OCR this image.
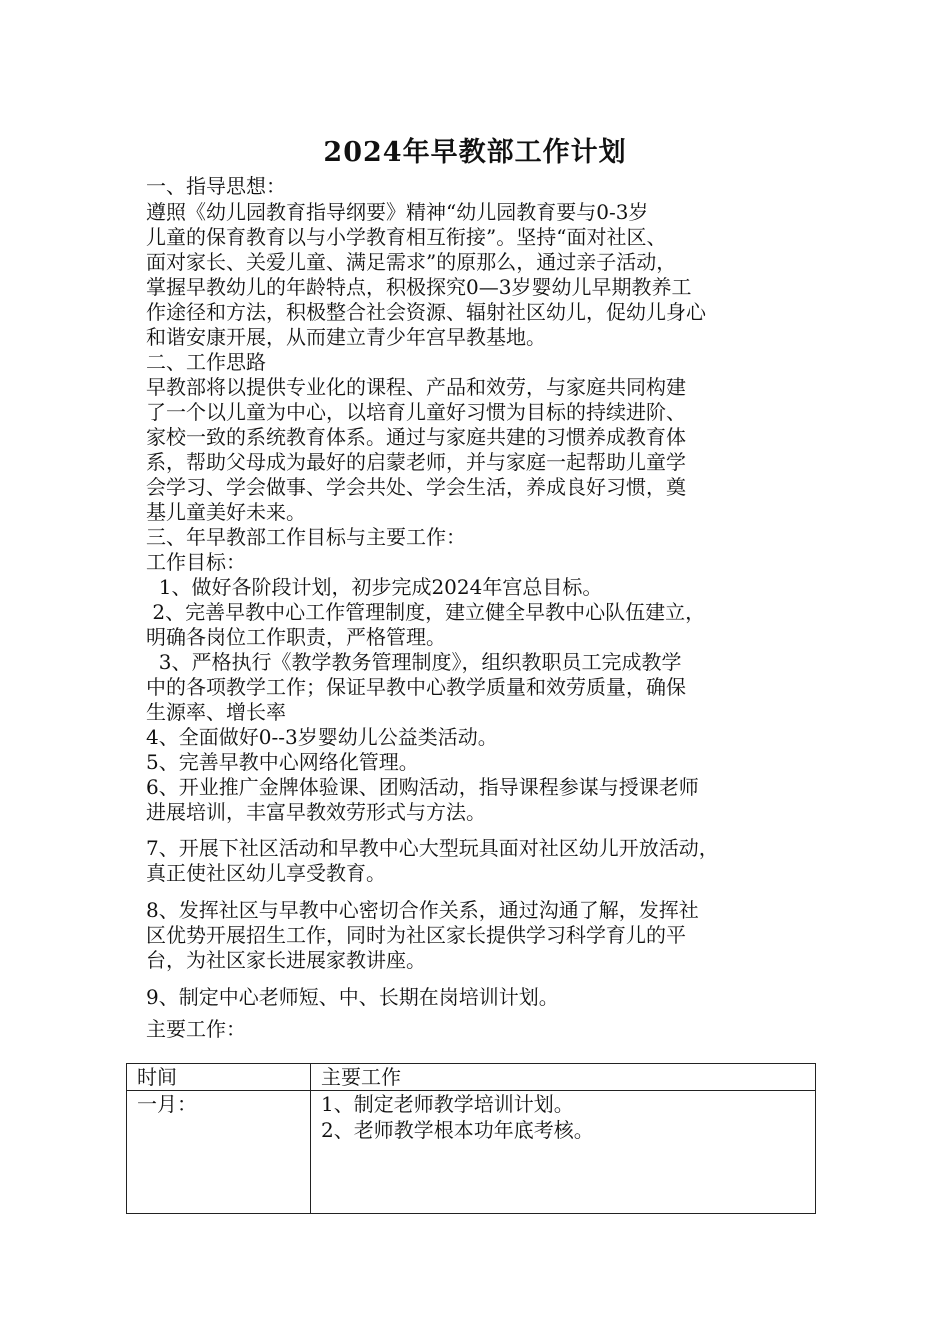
2024年早教部工作计划

一、指导思想：

遵照《幼儿园教育指导纲要》精神“幼儿园教育要与0-3岁

儿童的保育教育以与小学教育相互衔接”。坚持“面对社区、

面对家长、关爱儿童、满足需求”的原那么，通过亲子活动，

掌握早教幼儿的年龄特点，积极探究0—3岁婴幼儿早期教养工

作途径和方法，积极整合社会资源、辐射社区幼儿，促幼儿身心

和谐安康开展，从而建立青少年宫早教基地。

二、工作思路

早教部将以提供专业化的课程、产品和效劳，与家庭共同构建

了一个以儿童为中心，以培育儿童好习惯为目标的持续进阶、

家校一致的系统教育体系。通过与家庭共建的习惯养成教育体

系，帮助父母成为最好的启蒙老师，并与家庭一起帮助儿童学

会学习、学会做事、学会共处、学会生活，养成良好习惯，奠

基儿童美好未来。

三、年早教部工作目标与主要工作：

工作目标：

1、做好各阶段计划，初步完成2024年宫总目标。

2、完善早教中心工作管理制度，建立健全早教中心队伍建立，

明确各岗位工作职责，严格管理。

3、严格执行《教学教务管理制度》，组织教职员工完成教学

中的各项教学工作；保证早教中心教学质量和效劳质量，确保

生源率、增长率

4、全面做好0--3岁婴幼儿公益类活动。

5、完善早教中心网络化管理。

6、开业推广金牌体验课、团购活动，指导课程参谋与授课老师

进展培训，丰富早教效劳形式与方法。

7、开展下社区活动和早教中心大型玩具面对社区幼儿开放活动，

真正使社区幼儿享受教育。

8、发挥社区与早教中心密切合作关系，通过沟通了解，发挥社

区优势开展招生工作，同时为社区家长提供学习科学育儿的平

台，为社区家长进展家教讲座。

9、制定中心老师短、中、长期在岗培训计划。

主要工作：

时间	主要工作
一月：	1、制定老师教学培训计划。
2、老师教学根本功年底考核。
